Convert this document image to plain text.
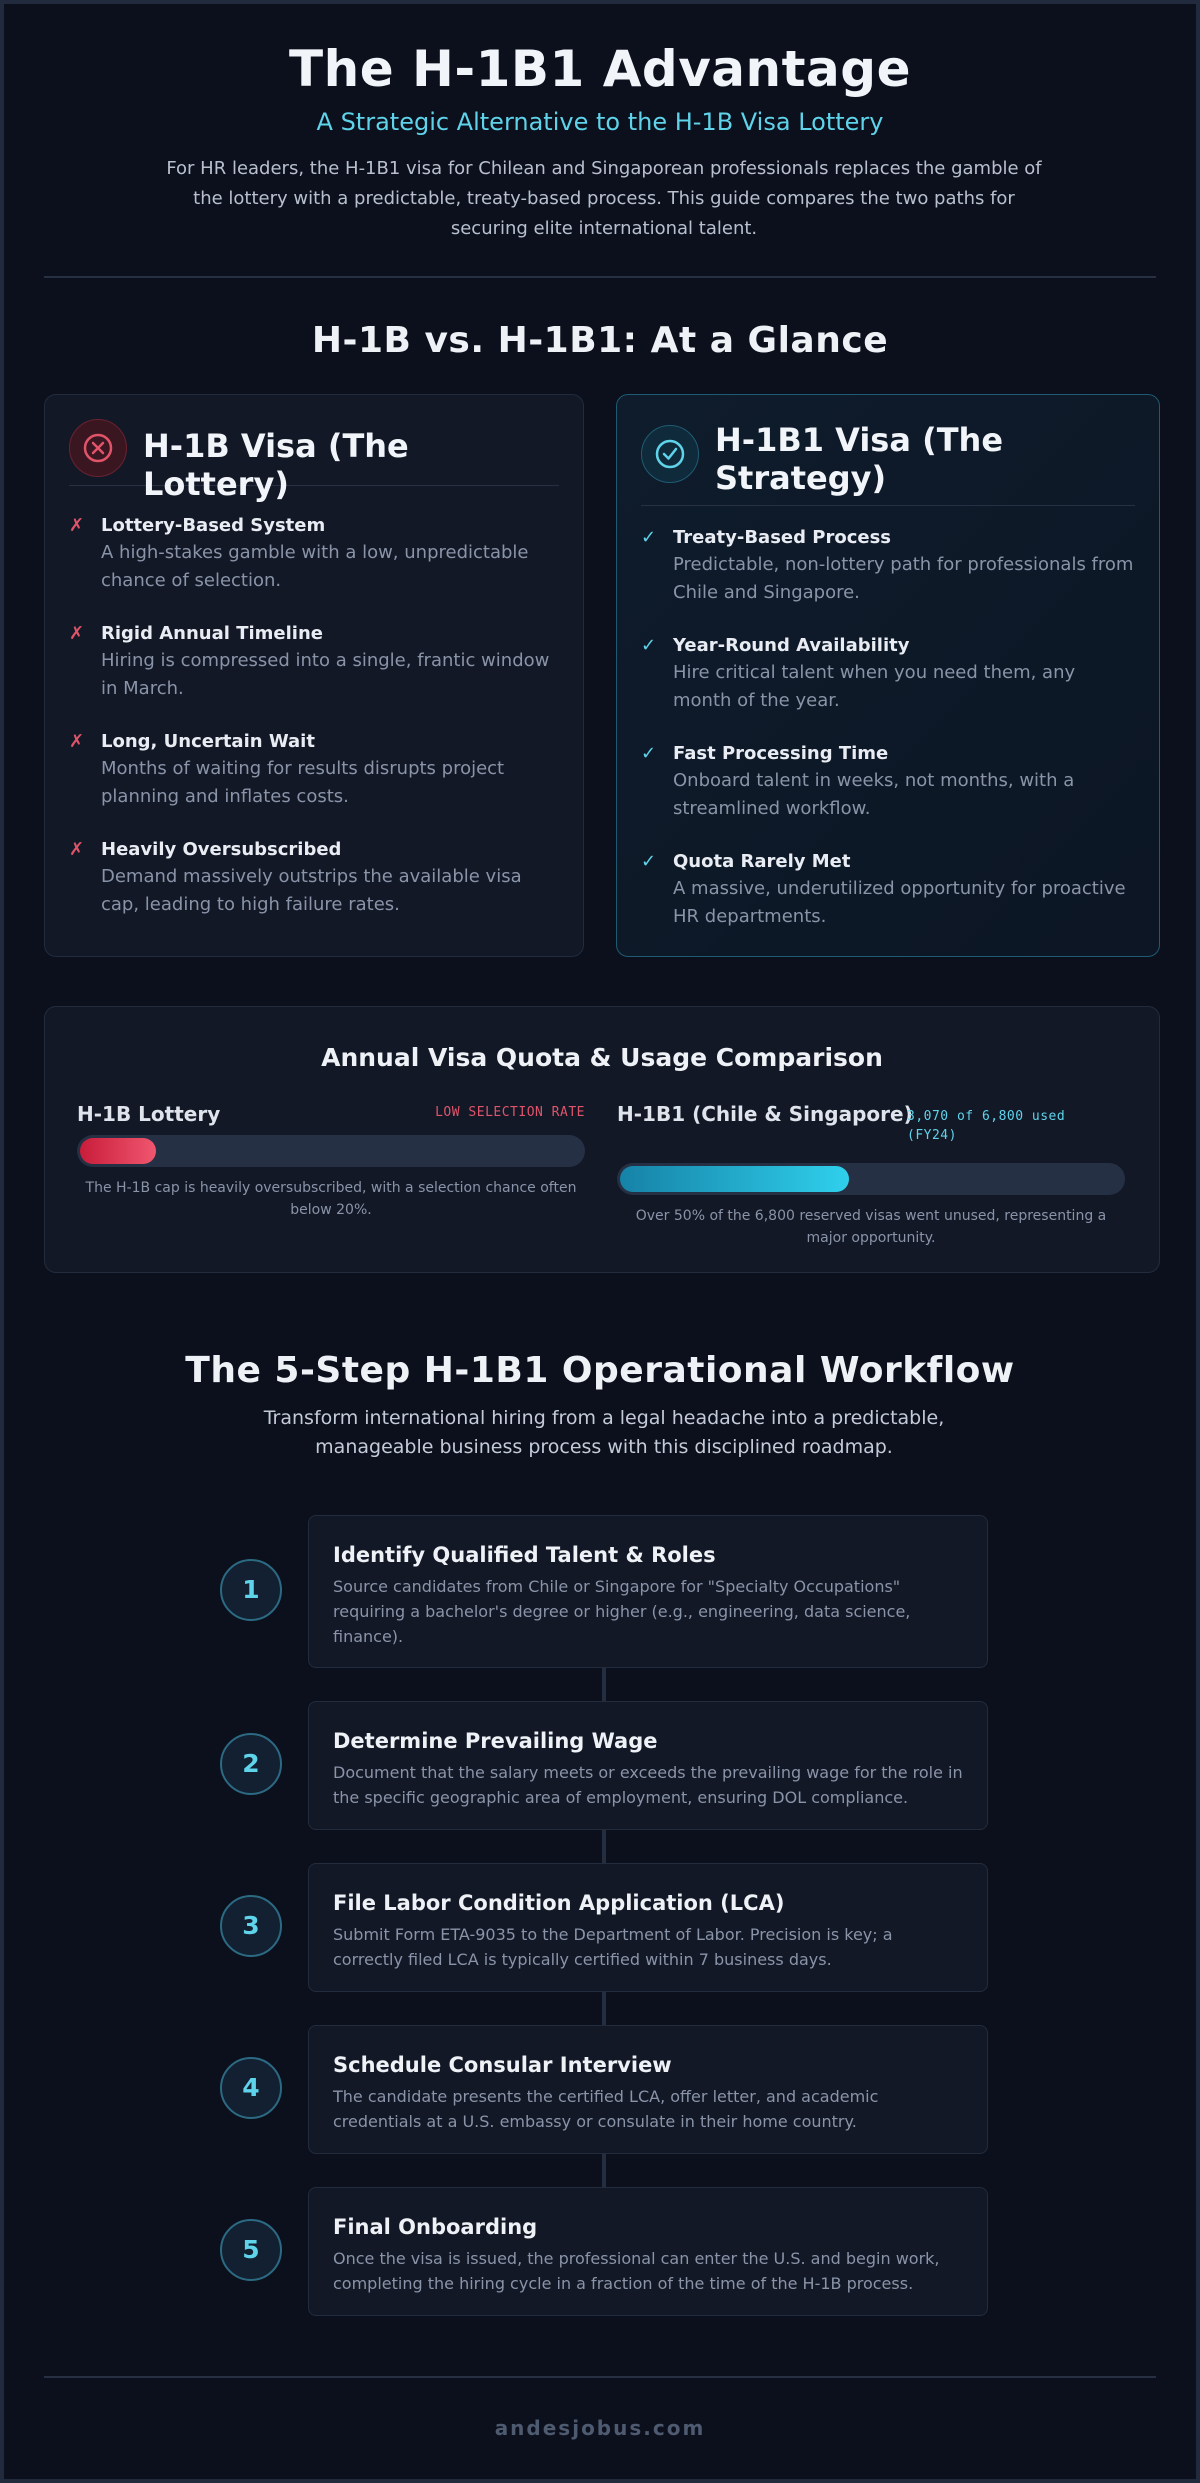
The H-1B1 Advantage
A Strategic Alternative to the H-1B Visa Lottery
For HR leaders, the H-1B1 visa for Chilean and Singaporean professionals replaces the gamble of the lottery with a predictable, treaty-based process. This guide compares the two paths for securing elite international talent.
H-1B vs. H-1B1: At a Glance
H-1B Visa (The Lottery)
✗ Lottery-Based System
A high-stakes gamble with a low, unpredictable chance of selection.
✗ Rigid Annual Timeline
Hiring is compressed into a single, frantic window in March.
✗ Long, Uncertain Wait
Months of waiting for results disrupts project planning and inflates costs.
✗ Heavily Oversubscribed
Demand massively outstrips the available visa cap, leading to high failure rates.
H-1B1 Visa (The Strategy)
✓ Treaty-Based Process
Predictable, non-lottery path for professionals from Chile and Singapore.
✓ Year-Round Availability
Hire critical talent when you need them, any month of the year.
✓ Fast Processing Time
Onboard talent in weeks, not months, with a streamlined workflow.
✓ Quota Rarely Met
A massive, underutilized opportunity for proactive HR departments.
Annual Visa Quota & Usage Comparison
H-1B Lottery	LOW SELECTION RATE
The H-1B cap is heavily oversubscribed, with a selection chance often below 20%.
H-1B1 (Chile & Singapore)
3,070 of 6,800 used (FY24)
Over 50% of the 6,800 reserved visas went unused, representing a major opportunity.
The 5-Step H-1B1 Operational Workflow
Transform international hiring from a legal headache into a predictable, manageable business process with this disciplined roadmap.
1
Identify Qualified Talent & Roles
Source candidates from Chile or Singapore for "Specialty Occupations" requiring a bachelor's degree or higher (e.g., engineering, data science, finance).
2
Determine Prevailing Wage
Document that the salary meets or exceeds the prevailing wage for the role in the specific geographic area of employment, ensuring DOL compliance.
3
File Labor Condition Application (LCA)
Submit Form ETA-9035 to the Department of Labor. Precision is key; a correctly filed LCA is typically certified within 7 business days.
4
Schedule Consular Interview
The candidate presents the certified LCA, offer letter, and academic credentials at a U.S. embassy or consulate in their home country.
5
Final Onboarding
Once the visa is issued, the professional can enter the U.S. and begin work, completing the hiring cycle in a fraction of the time of the H-1B process.
andesjobus.com
